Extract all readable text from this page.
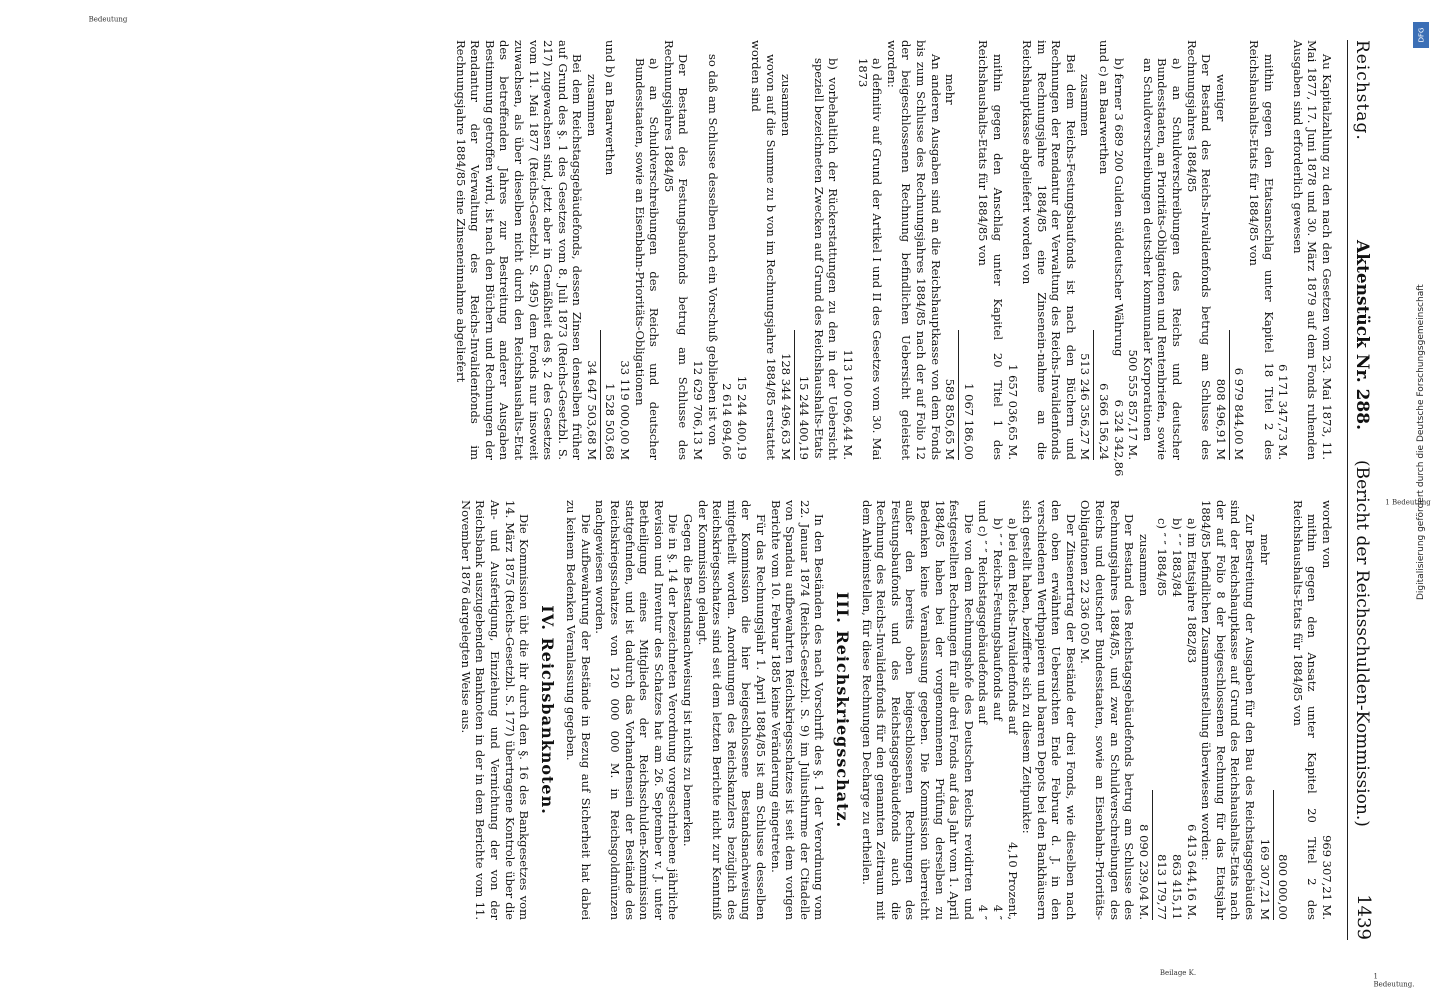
Reichstag.
Aktenstück Nr. 288.
(Bericht der Reichsschulden-Kommission.)
1439
1 Bedeutung.
1 Bedeutung
Beilage K.
Bedeutung

Au Kapitalzahlung zu den nach den Gesetzen vom 23. Mai 1873, 11. Mai 1877, 17. Juni 1878 und 30. März 1879 auf dem Fonds ruhenden Ausgaben sind erforderlich gewesen

6 171 347,73 M.

mithin gegen den Etatsanschlag unter Kapitel 18 Titel 2 des Reichshaushalts-Etats für 1884/85 von

6 979 844,00 M
weniger
808 496,91 M

Der Bestand des Reichs-Invalidenfonds betrug am Schlusse des Rechnungsjahres 1884/85

a) an Schuldverschreibungen des Reichs und deutscher Bundesstaaten, an Prioritäts-Obligationen und Rentenbriefen, sowie an Schuldverschreibungen deutscher kommunaler Korporationen
500 555 857,17 M.
b) ferner 3 689 200 Gulden süddeutscher Währung
6 324 342,86
und c) an Baarwerthen
6 366 156,24
zusammen
513 246 356,27 M

Bei dem Reichs-Festungsbaufonds ist nach den Büchern und Rechnungen der Rendantur der Verwaltung des Reichs-Invalidenfonds im Rechnungsjahre 1884/85 eine Zinsenein-nahme an die Reichshauptkasse abgeliefert worden von

1 657 036,65 M.

mithin gegen den Anschlag unter Kapitel 20 Titel 1 des Reichshaushalts-Etats für 1884/85 von

1 067 186,00
mehr
589 850,65 M

An anderen Ausgaben sind an die Reichshauptkasse von dem Fonds bis zum Schlusse des Rechnungsjahres 1884/85 nach der auf Folio 12 der beigeschlossenen Rechnung befindlichen Uebersicht geleistet worden:

a) definitiv auf Grund der Artikel I und II des Gesetzes vom 30. Mai 1873
113 100 096,44 M.
b) vorbehaltlich der Rückerstattungen zu den in der Uebersicht speziell bezeichneten Zwecken auf Grund des Reichshaushalts-Etats
15 244 400,19
zusammen
128 344 496,63 M

wovon auf die Summe zu b von im Rechnungsjahre 1884/85 erstattet worden sind

15 244 400,19
2 614 694,06

so daß am Schlusse desselben noch ein Vorschuß geblieben ist von

12 629 706,13 M

Der Bestand des Festungsbaufonds betrug am Schlusse des Rechnungsjahres 1884/85

a) an Schuldverschreibungen des Reichs und deutscher Bundesstaaten, sowie an Eisenbahn-Prioritäts-Obligationen
33 119 000,00 M
und b) an Baarwerthen
1 528 503,68
zusammen
34 647 503,68 M

Bei dem Reichstagsgebäudefonds, dessen Zinsen denselben früher auf Grund des §. 1 des Gesetzes vom 8. Juli 1873 (Reichs-Gesetzbl. S. 217) zugewachsen sind, jetzt aber in Gemäßheit des §. 2 des Gesetzes vom 11. Mai 1877 (Reichs-Gesetzbl. S. 495) dem Fonds nur insoweit zuwachsen, als über dieselben nicht durch den Reichshaushalts-Etat des betreffenden Jahres zur Bestreitung anderer Ausgaben Bestimmung getroffen wird, ist nach den Büchern und Rechnungen der Rendantur der Verwaltung des Reichs-Invalidenfonds im Rechnungsjahre 1884/85 eine Zinseneinnahme abgeliefert

worden von
969 307,21 M.

mithin gegen den Ansatz unter Kapitel 20 Titel 2 des Reichshaushalts-Etats für 1884/85 von

800 000,00
mehr
169 307,21 M

Zur Bestreitung der Ausgaben für den Bau des Reichstagsgebäudes sind der Reichshauptkasse auf Grund des Reichshaushalts-Etats nach der auf Folio 8 der beigeschlossenen Rechnung für das Etatsjahr 1884/85 befindlichen Zusammenstellung überwiesen worden:

a) im Etatsjahre 1882/83
6 413 644,16 M.
b) ″ ″ 1883/84
863 415,11
c) ″ ″ 1884/85
813 179,77
zusammen
8 090 239,04 M.

Der Bestand des Reichstagsgebäudefonds betrug am Schlusse des Rechnungsjahres 1884/85, und zwar an Schuldverschreibungen des Reichs und deutscher Bundesstaaten, sowie an Eisenbahn-Prioritäts-Obligationen 22 336 050 M.

Der Zinsenertrag der Bestände der drei Fonds, wie dieselben nach den oben erwähnten Uebersichten Ende Februar d. J. in den verschiedenen Werthpapieren und baaren Depots bei den Bankhäusern sich gestellt haben, bezifferte sich zu diesem Zeitpunkte:

a) bei dem Reichs-Invalidenfonds auf
4,10 Prozent,
b) ″ ″ Reichs-Festungsbaufonds auf
4 ″
und c) ″ ″ Reichstagsgebäudefonds auf
4 ″

Die von dem Rechnungshofe des Deutschen Reichs revidirten und festgestellten Rechnungen für alle drei Fonds auf das Jahr vom 1. April 1884/85 haben bei der vorgenommenen Prüfung derselben zu Bedenken keine Veranlassung gegeben. Die Kommission überreicht außer den bereits oben beigeschlossenen Rechnungen des Festungsbaufonds und des Reichstagsgebäudefonds auch die Rechnung des Reichs-Invalidenfonds für den genannten Zeitraum mit dem Anheimstellen, für diese Rechnungen Decharge zu ertheilen.

III. Reichskriegsschatz.

In den Beständen des nach Vorschrift des §. 1 der Verordnung vom 22. Januar 1874 (Reichs-Gesetzbl. S. 9) im Juliusthurme der Citadelle von Spandau aufbewahrten Reichskriegsschatzes ist seit dem vorigen Berichte vom 10. Februar 1885 keine Veränderung eingetreten.

Für das Rechnungsjahr 1. April 1884/85 ist am Schlusse desselben der Kommission die hier beigeschlossene Bestandsnachweisung mitgetheilt worden. Anordnungen des Reichskanzlers bezüglich des Reichskriegsschatzes sind seit dem letzten Berichte nicht zur Kenntniß der Kommission gelangt.

Gegen die Bestandsnachweisung ist nichts zu bemerken.

Die in §. 14 der bezeichneten Verordnung vorgeschriebene jährliche Revision und Inventur des Schatzes hat am 26. September v. J. unter Betheiligung eines Mitgliedes der Reichsschulden-Kommission stattgefunden, und ist dadurch das Vorhandensein der Bestände des Reichskriegsschatzes von 120 000 000 M. in Reichsgoldmünzen nachgewiesen worden.

Die Aufbewahrung der Bestände in Bezug auf Sicherheit hat dabei zu keinem Bedenken Veranlassung gegeben.

IV. Reichsbanknoten.

Die Kommission übt die ihr durch den §. 16 des Bankgesetzes vom 14. März 1875 (Reichs-Gesetzbl. S. 177) übertragene Kontrole über die An- und Ausfertigung, Einziehung und Vernichtung der von der Reichsbank auszugebenden Banknoten in der in dem Berichte vom 11. November 1876 dargelegten Weise aus.

DFG
Digitalisierung gefördert durch die Deutsche Forschungsgemeinschaft
